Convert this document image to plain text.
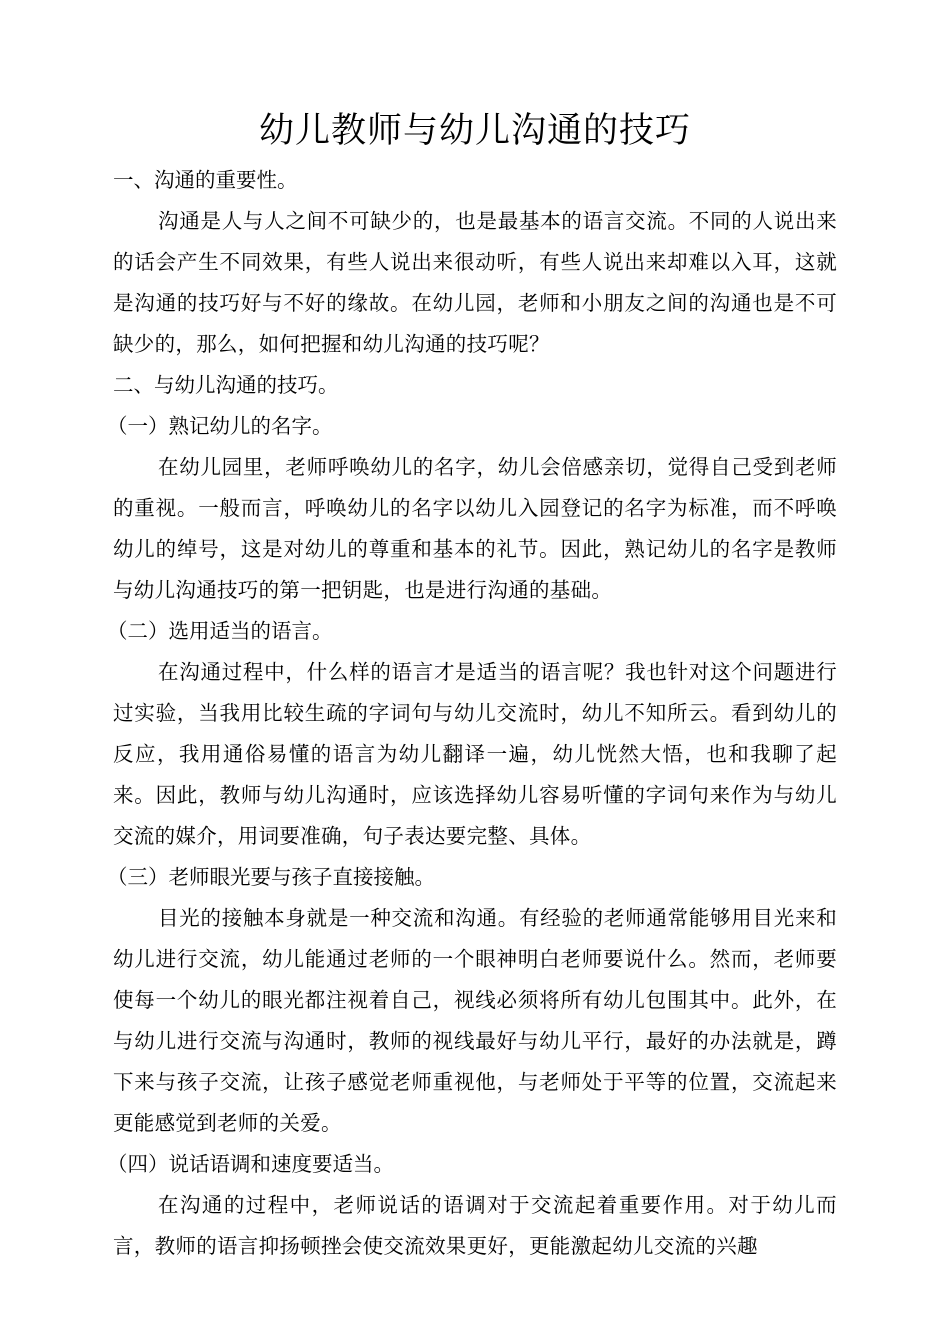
幼儿教师与幼儿沟通的技巧

一、沟通的重要性。

沟通是人与人之间不可缺少的，也是最基本的语言交流。不同的人说出来的话会产生不同效果，有些人说出来很动听，有些人说出来却难以入耳，这就是沟通的技巧好与不好的缘故。在幼儿园，老师和小朋友之间的沟通也是不可缺少的，那么，如何把握和幼儿沟通的技巧呢？

二、与幼儿沟通的技巧。

（一）熟记幼儿的名字。

在幼儿园里，老师呼唤幼儿的名字，幼儿会倍感亲切，觉得自己受到老师的重视。一般而言，呼唤幼儿的名字以幼儿入园登记的名字为标准，而不呼唤幼儿的绰号，这是对幼儿的尊重和基本的礼节。因此，熟记幼儿的名字是教师与幼儿沟通技巧的第一把钥匙，也是进行沟通的基础。

（二）选用适当的语言。

在沟通过程中，什么样的语言才是适当的语言呢？我也针对这个问题进行过实验，当我用比较生疏的字词句与幼儿交流时，幼儿不知所云。看到幼儿的反应，我用通俗易懂的语言为幼儿翻译一遍，幼儿恍然大悟，也和我聊了起来。因此，教师与幼儿沟通时，应该选择幼儿容易听懂的字词句来作为与幼儿交流的媒介，用词要准确，句子表达要完整、具体。

（三）老师眼光要与孩子直接接触。

目光的接触本身就是一种交流和沟通。有经验的老师通常能够用目光来和幼儿进行交流，幼儿能通过老师的一个眼神明白老师要说什么。然而，老师要使每一个幼儿的眼光都注视着自己，视线必须将所有幼儿包围其中。此外，在与幼儿进行交流与沟通时，教师的视线最好与幼儿平行，最好的办法就是，蹲下来与孩子交流，让孩子感觉老师重视他，与老师处于平等的位置，交流起来更能感觉到老师的关爱。

（四）说话语调和速度要适当。

在沟通的过程中，老师说话的语调对于交流起着重要作用。对于幼儿而言，教师的语言抑扬顿挫会使交流效果更好，更能激起幼儿交流的兴趣
